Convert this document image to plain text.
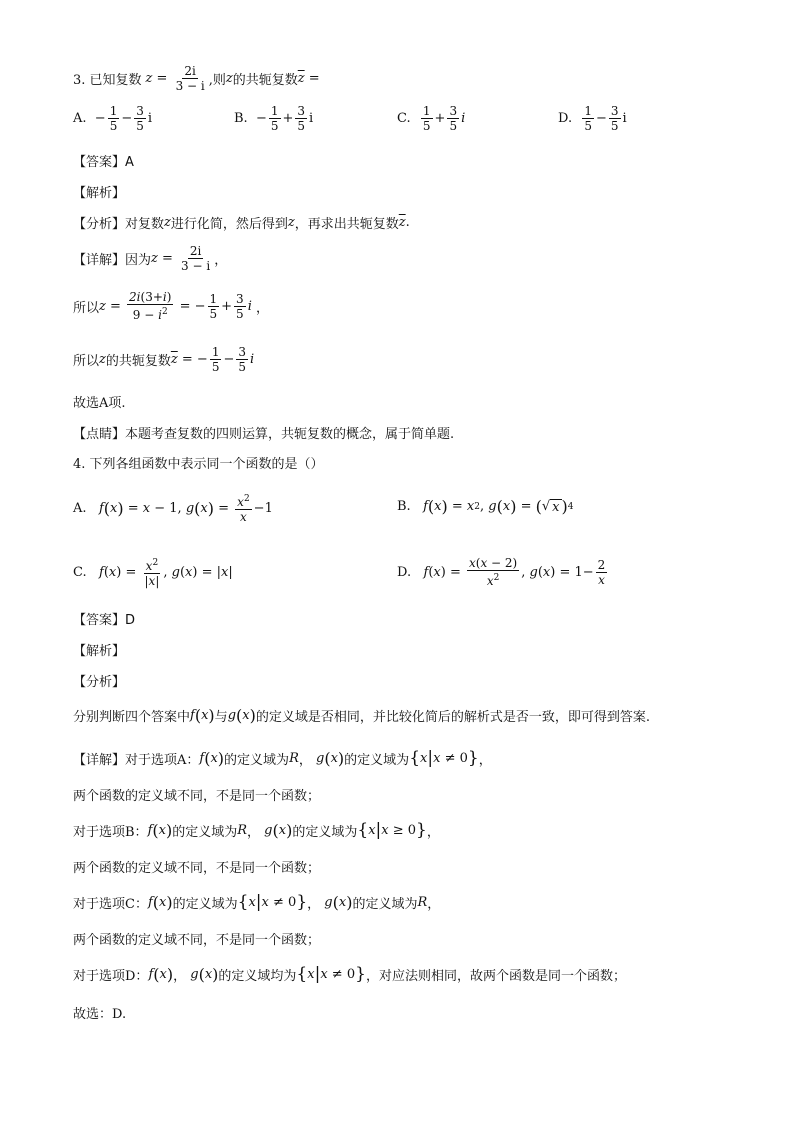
3. 已知复数 $z = \frac{2i}{3 - i}$ ,则 z 的共轭复数 $\overline{z}$ =
A.
− $\frac{1}{5} - \frac{3}{5}$ i	B.
− $\frac{1}{5} + \frac{3}{5}$ i	C.
$\frac{1}{5} + \frac{3}{5}$ i	D.
$\frac{1}{5} - \frac{3}{5}$ i
【答案】A
【解析】
【分析】对复数 z 进行化简，然后得到 z ，再求出共轭复数 $\overline{z}$ .
【详解】因为 $z = \frac{2i}{3 - i}$ ，
所以 $z = \frac{2i(3+i)}{9 - i^2}$ = − $\frac{1}{5} + \frac{3}{5}$ i ，
所以 z 的共轭复数 $\overline{z}$ = − $\frac{1}{5} - \frac{3}{5}$ i
故选A项.
【点睛】本题考查复数的四则运算，共轭复数的概念，属于简单题.
4. 下列各组函数中表示同一个函数的是（）
A.
f ( x ) = x − 1, g ( x ) = $\frac{x^2}{x} -1$	B.
f ( x ) = x 2 , g ( x ) = ( √ x ) 4
C.
f ( x ) = $\frac{x^2}{|x|}$ , g ( x ) = | x |	D.
f ( x ) = $\frac{x(x - 2)}{x^2}$ , g ( x ) = $1- \frac{2}{x}$
【答案】D
【解析】
【分析】
分别判断四个答案中 f ( x ) 与 g ( x ) 的定义域是否相同，并比较化简后的解析式是否一致，即可得到答案.
【详解】对于选项A： f ( x ) 的定义域为 R ， g ( x ) 的定义域为 { x | x ≠ 0 } ，
两个函数的定义域不同，不是同一个函数；
对于选项B： f ( x ) 的定义域为 R ， g ( x ) 的定义域为 { x | x ≥ 0 } ，
两个函数的定义域不同，不是同一个函数；
对于选项C： f ( x ) 的定义域为 { x | x ≠ 0 } ， g ( x ) 的定义域为 R ，
两个函数的定义域不同，不是同一个函数；
对于选项D： f ( x ) ， g ( x ) 的定义域均为 { x | x ≠ 0 } ，对应法则相同，故两个函数是同一个函数；
故选：D.
